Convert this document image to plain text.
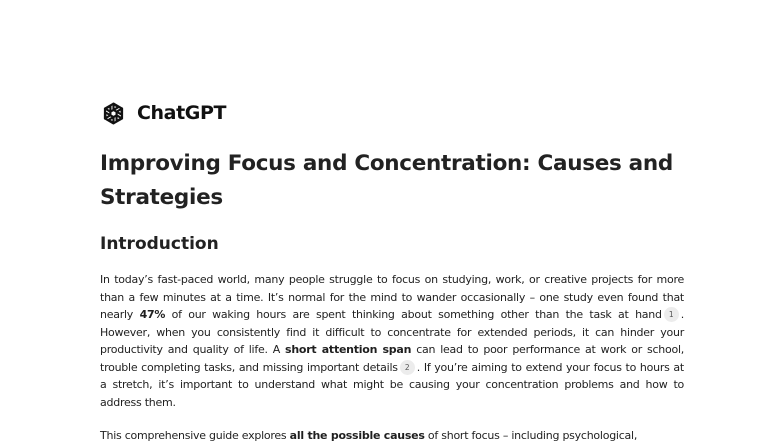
ChatGPT
Improving Focus and Concentration: Causes and Strategies
Introduction

In today’s fast-paced world, many people struggle to focus on studying, work, or creative projects for more than a few minutes at a time. It’s normal for the mind to wander occasionally – one study even found that nearly 47% of our waking hours are spent thinking about something other than the task at hand 1 . However, when you consistently find it difficult to concentrate for extended periods, it can hinder your productivity and quality of life. A short attention span can lead to poor performance at work or school, trouble completing tasks, and missing important details 2 . If you’re aiming to extend your focus to hours at a stretch, it’s important to understand what might be causing your concentration problems and how to address them.

This comprehensive guide explores all the possible causes of short focus – including psychological,
